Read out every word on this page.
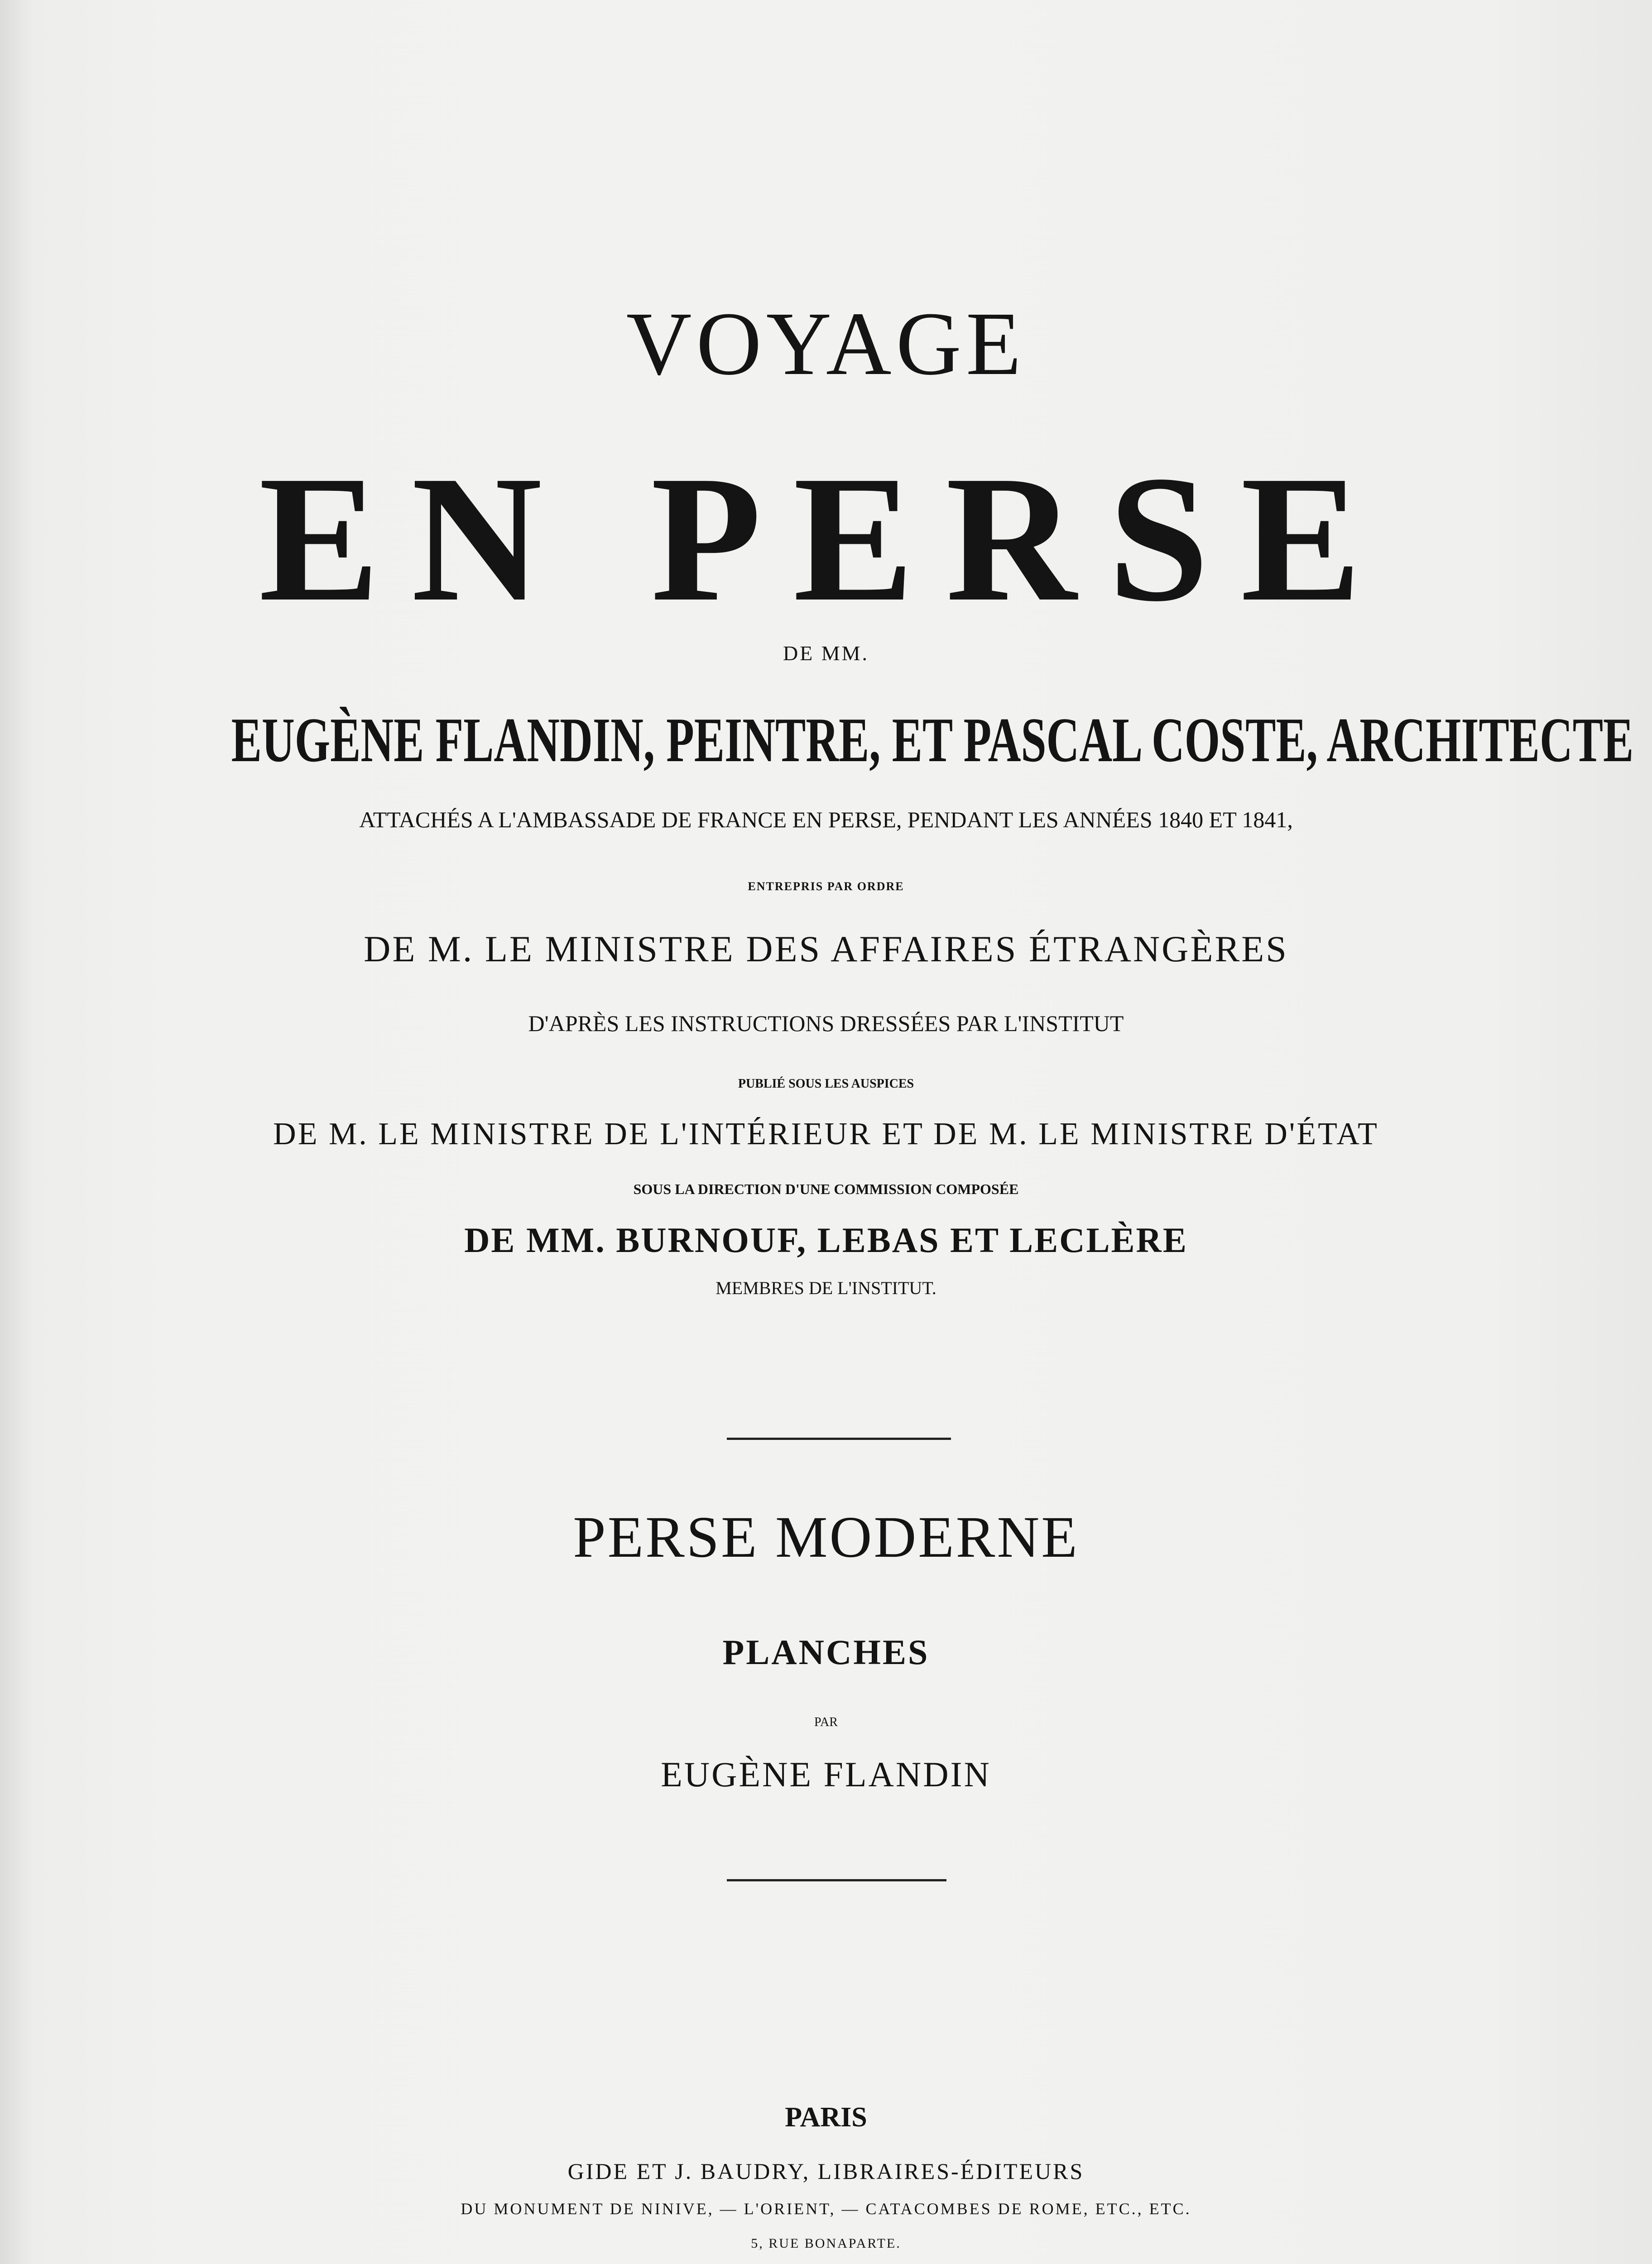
VOYAGE
EN PERSE
DE MM.
EUGÈNE FLANDIN, PEINTRE, ET PASCAL COSTE, ARCHITECTE
ATTACHÉS A L'AMBASSADE DE FRANCE EN PERSE, PENDANT LES ANNÉES 1840 ET 1841,
ENTREPRIS PAR ORDRE
DE M. LE MINISTRE DES AFFAIRES ÉTRANGÈRES
D'APRÈS LES INSTRUCTIONS DRESSÉES PAR L'INSTITUT
PUBLIÉ SOUS LES AUSPICES
DE M. LE MINISTRE DE L'INTÉRIEUR ET DE M. LE MINISTRE D'ÉTAT
SOUS LA DIRECTION D'UNE COMMISSION COMPOSÉE
DE MM. BURNOUF, LEBAS ET LECLÈRE
MEMBRES DE L'INSTITUT.
PERSE MODERNE
PLANCHES
PAR
EUGÈNE FLANDIN
PARIS
GIDE ET J. BAUDRY, LIBRAIRES-ÉDITEURS
DU MONUMENT DE NINIVE, — L'ORIENT, — CATACOMBES DE ROME, ETC., ETC.
5, RUE BONAPARTE.
